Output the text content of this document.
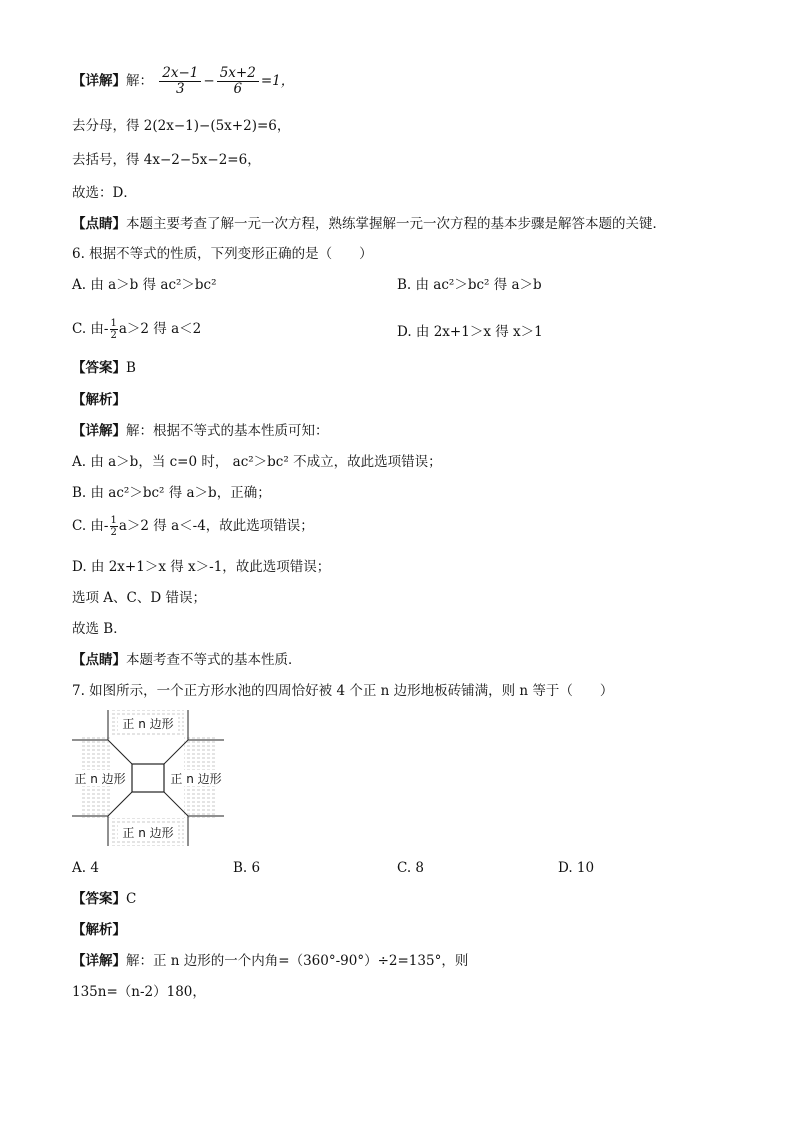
【详解】解： $\frac{2x-1}{3} - \frac{5x+2}{6} =1$，
去分母，得 2(2x−1)−(5x+2)=6，
去括号，得 4x−2−5x−2=6，
故选：D．
【点睛】本题主要考查了解一元一次方程，熟练掌握解一元一次方程的基本步骤是解答本题的关键．
6. 根据不等式的性质，下列变形正确的是（　　）
A. 由 a＞b 得 ac²＞bc²	B. 由 ac²＞bc² 得 a＞b
C. 由- $\frac{1}{2} a>2$ 得 a＜2	D. 由 2x+1＞x 得 x＞1
【答案】B
【解析】
【详解】解：根据不等式的基本性质可知：
A. 由 a＞b，当 c=0 时， ac²＞bc² 不成立，故此选项错误；
B. 由 ac²＞bc² 得 a＞b，正确；
C. 由- $\frac{1}{2} a>2$ 得 a＜-4，故此选项错误；
D. 由 2x+1＞x 得 x＞-1，故此选项错误；
选项 A、C、D 错误；
故选 B．
【点睛】本题考查不等式的基本性质．
7. 如图所示，一个正方形水池的四周恰好被 4 个正 n 边形地板砖铺满，则 n 等于（　　）
正 n 边形
正 n 边形	正 n 边形
正 n 边形
A. 4	B. 6	C. 8	D. 10
【答案】C
【解析】
【详解】解：正 n 边形的一个内角=（360°-90°）÷2=135°，则
135n=（n-2）180，
